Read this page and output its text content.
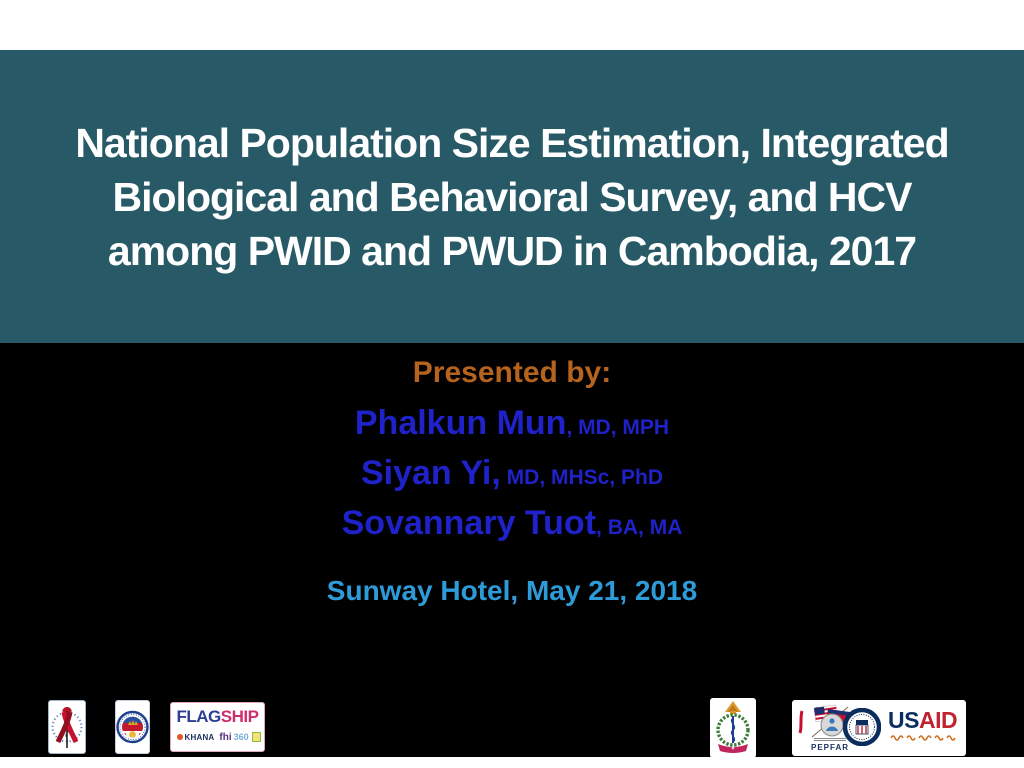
National Population Size Estimation, Integrated
Biological and Behavioral Survey, and HCV
among PWID and PWUD in Cambodia, 2017
Presented by:
Phalkun Mun, MD, MPH
Siyan Yi, MD, MHSc, PhD
Sovannary Tuot, BA, MA
Sunway Hotel, May 21, 2018
FLAGSHIP
KHANA fhi 360
PEPFAR
USAID
